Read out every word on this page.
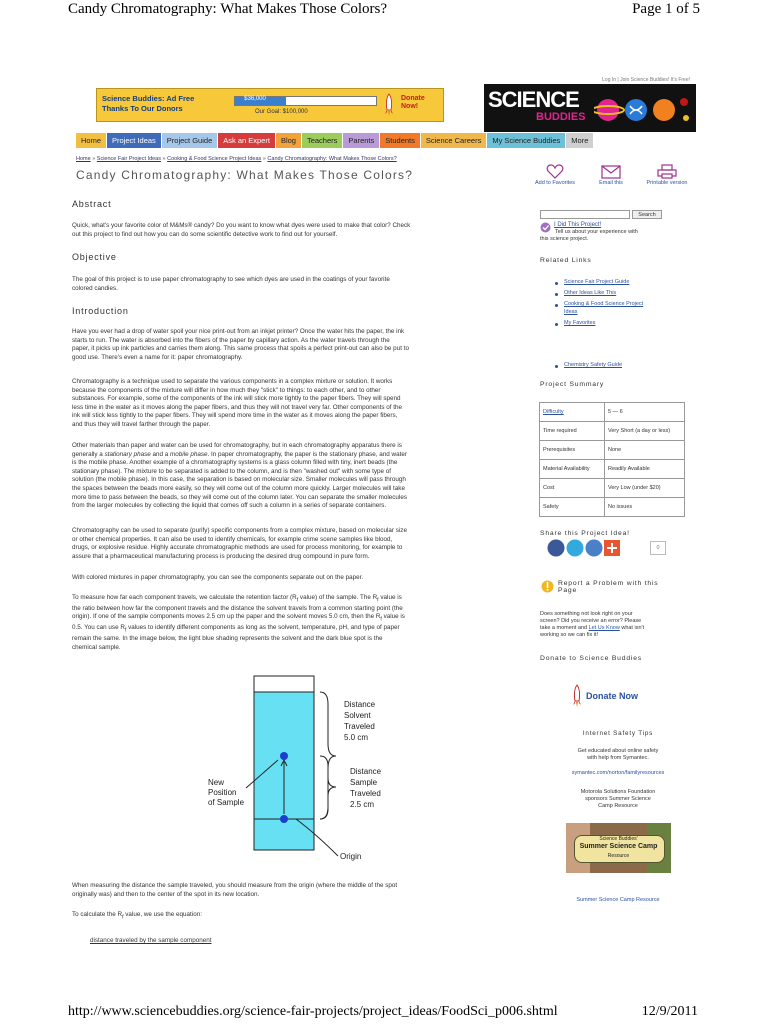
Candy Chromatography: What Makes Those Colors?	Page 1 of 5
Log In | Join Science Buddies! It's Free!
Science Buddies: Ad Free
Thanks To Our Donors
$36,000
Our Goal: $100,000
Donate
Now!	SCIENCE
BUDDIES
Home	Project Ideas	Project Guide	Ask an Expert	Blog	Teachers	Parents	Students	Science Careers	My Science Buddies	More
Home » Science Fair Project Ideas » Cooking & Food Science Project Ideas » Candy Chromatography: What Makes Those Colors?
Candy Chromatography: What Makes Those Colors?
Add to Favorites	Email this	Printable version
Abstract
Quick, what's your favorite color of M&Ms® candy? Do you want to know what dyes were used to make that color? Check
out this project to find out how you can do some scientific detective work to find out for yourself.
Objective
The goal of this project is to use paper chromatography to see which dyes are used in the coatings of your favorite
colored candies.
Introduction
Have you ever had a drop of water spoil your nice print-out from an inkjet printer? Once the water hits the paper, the ink
starts to run. The water is absorbed into the fibers of the paper by capillary action. As the water travels through the
paper, it picks up ink particles and carries them along. This same process that spoils a perfect print-out can also be put to
good use. There's even a name for it: paper chromatography.
Chromatography is a technique used to separate the various components in a complex mixture or solution. It works
because the components of the mixture will differ in how much they "stick" to things: to each other, and to other
substances. For example, some of the components of the ink will stick more tightly to the paper fibers. They will spend
less time in the water as it moves along the paper fibers, and thus they will not travel very far. Other components of the
ink will stick less tightly to the paper fibers. They will spend more time in the water as it moves along the paper fibers,
and thus they will travel farther through the paper.
Other materials than paper and water can be used for chromatography, but in each chromatography apparatus there is
generally a stationary phase and a mobile phase. In paper chromatography, the paper is the stationary phase, and water
is the mobile phase. Another example of a chromatography systems is a glass column filled with tiny, inert beads (the
stationary phase). The mixture to be separated is added to the column, and is then "washed out" with some type of
solution (the mobile phase). In this case, the separation is based on molecular size. Smaller molecules will pass through
the spaces between the beads more easily, so they will come out of the column more quickly. Larger molecules will take
more time to pass between the beads, so they will come out of the column later. You can separate the smaller molecules
from the larger molecules by collecting the liquid that comes off such a column in a series of separate containers.
Chromatography can be used to separate (purify) specific components from a complex mixture, based on molecular size
or other chemical properties. It can also be used to identify chemicals, for example crime scene samples like blood,
drugs, or explosive residue. Highly accurate chromatographic methods are used for process monitoring, for example to
assure that a pharmaceutical manufacturing process is producing the desired drug compound in pure form.
With colored mixtures in paper chromatography, you can see the components separate out on the paper.
To measure how far each component travels, we calculate the retention factor ($R_f$ value) of the sample. The $R_f$ value is
the ratio between how far the component travels and the distance the solvent travels from a common starting point (the
origin). If one of the sample components moves 2.5 cm up the paper and the solvent moves 5.0 cm, then the $R_f$ value is
0.5. You can use $R_f$ values to identify different components as long as the solvent, temperature, pH, and type of paper
remain the same. In the image below, the light blue shading represents the solvent and the dark blue spot is the
chemical sample.
Distance
Solvent
Traveled
5.0 cm
Distance
Sample
Traveled
2.5 cm
New
Position
of Sample
Origin
When measuring the distance the sample traveled, you should measure from the origin (where the middle of the spot
originally was) and then to the center of the spot in its new location.
To calculate the $R_f$ value, we use the equation:
distance traveled by the sample component
Search
I Did This Project!
Tell us about your experience with
this science project.
Related Links
Science Fair Project Guide
Other Ideas Like This
Cooking & Food Science Project
Ideas
My Favorites
Chemistry Safety Guide
Project Summary
Difficulty	5 — 6
Time required	Very Short (a day or less)
Prerequisites	None
Material Availability	Readily Available
Cost	Very Low (under $20)
Safety	No issues
Share this Project Idea!
0
Report a Problem with this
Page
Does something not look right on your
screen? Did you receive an error? Please
take a moment and Let Us Know what isn't
working so we can fix it!
Donate to Science Buddies
Donate Now
Internet Safety Tips
Get educated about online safety
with help from Symantec.
symantec.com/norton/familyresources
Motorola Solutions Foundation
sponsors Summer Science
Camp Resource
Science Buddies'
Summer Science Camp
Resource
Summer Science Camp Resource
http://www.sciencebuddies.org/science-fair-projects/project_ideas/FoodSci_p006.shtml	12/9/2011
